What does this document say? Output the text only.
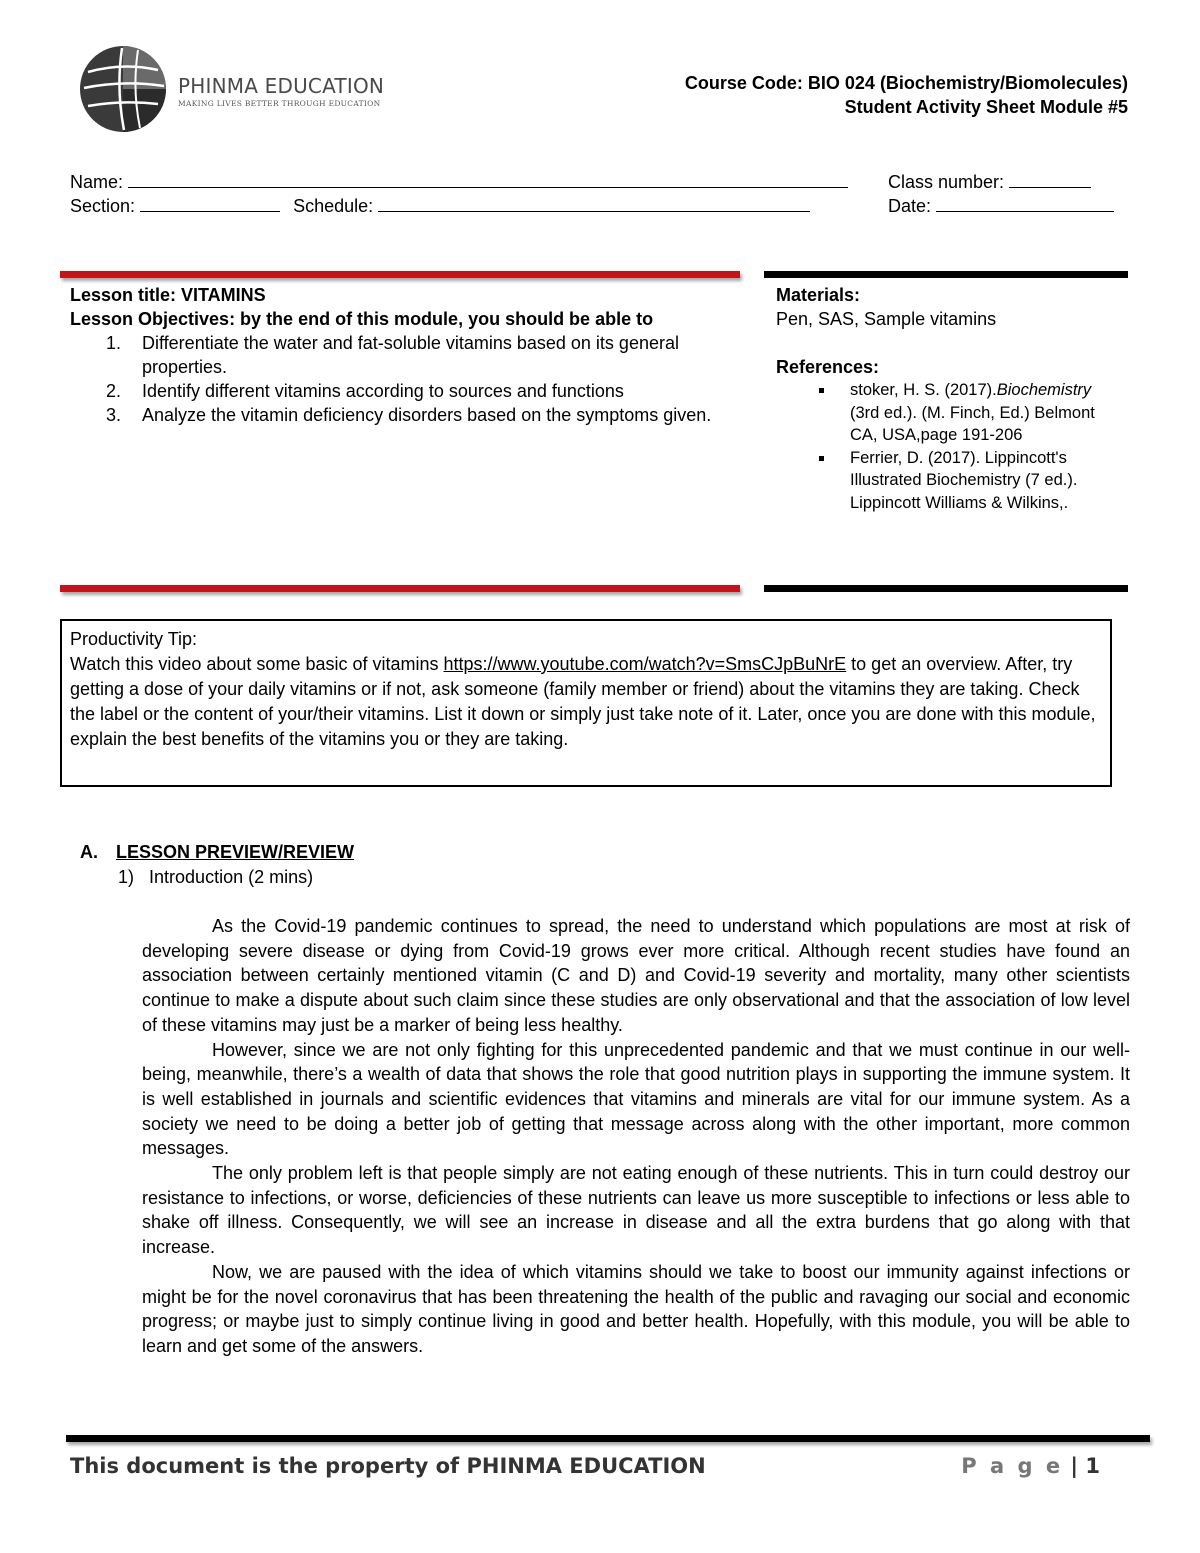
PHINMA EDUCATION
MAKING LIVES BETTER THROUGH EDUCATION
Course Code: BIO 024 (Biochemistry/Biomolecules)
Student Activity Sheet Module #5
Name:	Class number:
Section:	Schedule:	Date:
Lesson title: VITAMINS
Lesson Objectives: by the end of this module, you should be able to
1. Differentiate the water and fat-soluble vitamins based on its general properties.
2. Identify different vitamins according to sources and functions
3. Analyze the vitamin deficiency disorders based on the symptoms given.
Materials:
Pen, SAS, Sample vitamins
References:
stoker, H. S. (2017).Biochemistry (3rd ed.). (M. Finch, Ed.) Belmont CA, USA,page 191-206
Ferrier, D. (2017). Lippincott's Illustrated Biochemistry (7 ed.). Lippincott Williams & Wilkins,.
Productivity Tip:
Watch this video about some basic of vitamins https://www.youtube.com/watch?v=SmsCJpBuNrE to get an overview. After, try getting a dose of your daily vitamins or if not, ask someone (family member or friend) about the vitamins they are taking. Check the label or the content of your/their vitamins. List it down or simply just take note of it. Later, once you are done with this module, explain the best benefits of the vitamins you or they are taking.
A. LESSON PREVIEW/REVIEW
1) Introduction (2 mins)

As the Covid-19 pandemic continues to spread, the need to understand which populations are most at risk of developing severe disease or dying from Covid-19 grows ever more critical. Although recent studies have found an association between certainly mentioned vitamin (C and D) and Covid-19 severity and mortality, many other scientists continue to make a dispute about such claim since these studies are only observational and that the association of low level of these vitamins may just be a marker of being less healthy.

However, since we are not only fighting for this unprecedented pandemic and that we must continue in our well-being, meanwhile, there’s a wealth of data that shows the role that good nutrition plays in supporting the immune system. It is well established in journals and scientific evidences that vitamins and minerals are vital for our immune system. As a society we need to be doing a better job of getting that message across along with the other important, more common messages.

The only problem left is that people simply are not eating enough of these nutrients. This in turn could destroy our resistance to infections, or worse, deficiencies of these nutrients can leave us more susceptible to infections or less able to shake off illness. Consequently, we will see an increase in disease and all the extra burdens that go along with that increase.

Now, we are paused with the idea of which vitamins should we take to boost our immunity against infections or might be for the novel coronavirus that has been threatening the health of the public and ravaging our social and economic progress; or maybe just to simply continue living in good and better health. Hopefully, with this module, you will be able to learn and get some of the answers.

This document is the property of PHINMA EDUCATION	P a g e | 1
